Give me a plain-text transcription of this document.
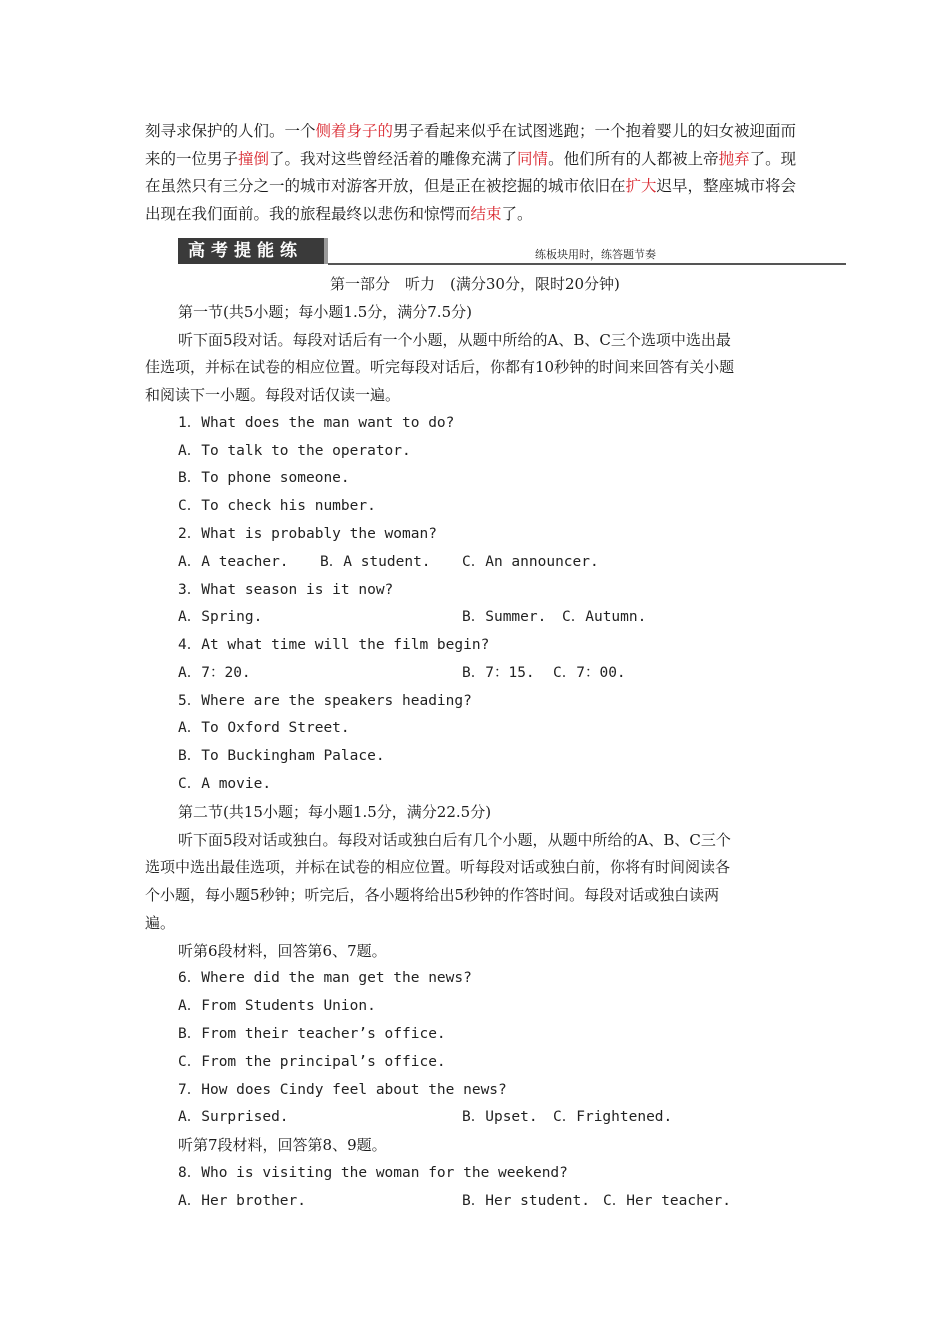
刻寻求保护的人们。一个侧着身子的男子看起来似乎在试图逃跑；一个抱着婴儿的妇女被迎面而来的一位男子撞倒了。我对这些曾经活着的雕像充满了同情。他们所有的人都被上帝抛弃了。现在虽然只有三分之一的城市对游客开放，但是正在被挖掘的城市依旧在扩大迟早，整座城市将会出现在我们面前。我的旅程最终以悲伤和惊愕而结束了。
高考提能练	练板块用时，练答题节奏
第一部分　听力　(满分30分，限时20分钟)
第一节(共5小题；每小题1.5分，满分7.5分)
听下面5段对话。每段对话后有一个小题，从题中所给的A、B、C三个选项中选出最
佳选项，并标在试卷的相应位置。听完每段对话后，你都有10秒钟的时间来回答有关小题
和阅读下一小题。每段对话仅读一遍。
1．What does the man want to do?
A．To talk to the operator.
B．To phone someone.
C．To check his number.
2．What is probably the woman?
A．A teacher. B．A student. C．An announcer.
3．What season is it now?
A．Spring.	B．Summer. C．Autumn.
4．At what time will the film begin?
A．7：20.	B．7：15. C．7：00.
5．Where are the speakers heading?
A．To Oxford Street.
B．To Buckingham Palace.
C．A movie.
第二节(共15小题；每小题1.5分，满分22.5分)
听下面5段对话或独白。每段对话或独白后有几个小题，从题中所给的A、B、C三个
选项中选出最佳选项，并标在试卷的相应位置。听每段对话或独白前，你将有时间阅读各
个小题，每小题5秒钟；听完后，各小题将给出5秒钟的作答时间。每段对话或独白读两
遍。
听第6段材料，回答第6、7题。
6．Where did the man get the news?
A．From Students Union.
B．From their teacher’s office.
C．From the principal’s office.
7．How does Cindy feel about the news?
A．Surprised.	B．Upset. C．Frightened.
听第7段材料，回答第8、9题。
8．Who is visiting the woman for the weekend?
A．Her brother.	B．Her student. C．Her teacher.
